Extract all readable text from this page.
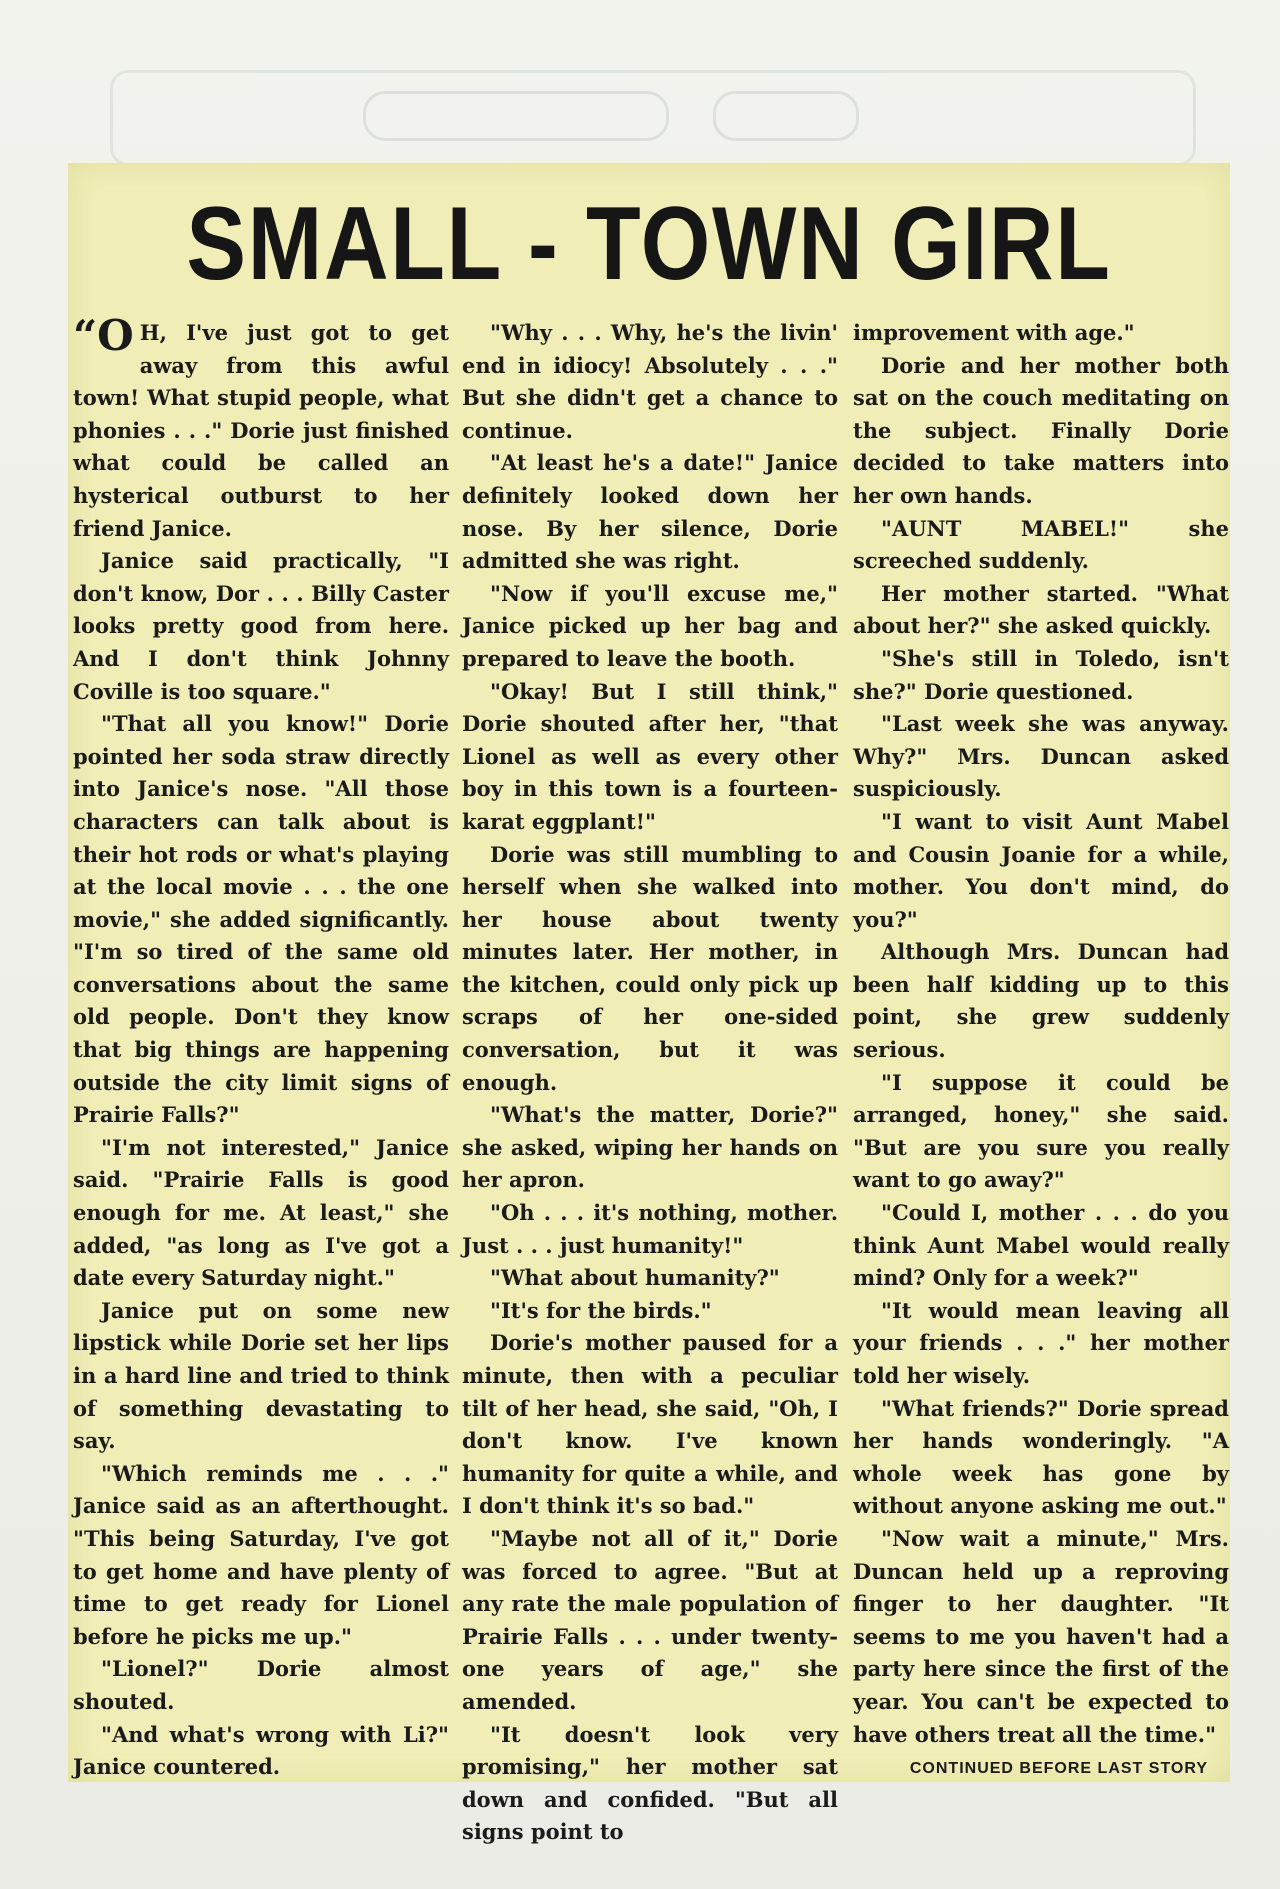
SMALL - TOWN GIRL

“O H, I've just got to get away from this awful town! What stupid people, what phonies . . ." Dorie just finished what could be called an hysterical outburst to her friend Janice.

Janice said practically, "I don't know, Dor . . . Billy Caster looks pretty good from here. And I don't think Johnny Coville is too square."

"That all you know!" Dorie pointed her soda straw directly into Janice's nose. "All those characters can talk about is their hot rods or what's playing at the local movie . . . the one movie," she added significantly. "I'm so tired of the same old conversations about the same old people. Don't they know that big things are happening outside the city limit signs of Prairie Falls?"

"I'm not interested," Janice said. "Prairie Falls is good enough for me. At least," she added, "as long as I've got a date every Saturday night."

Janice put on some new lipstick while Dorie set her lips in a hard line and tried to think of something devastating to say.

"Which reminds me . . ." Janice said as an afterthought. "This being Saturday, I've got to get home and have plenty of time to get ready for Lionel before he picks me up."

"Lionel?" Dorie almost shouted.

"And what's wrong with Li?" Janice countered.

"Why . . . Why, he's the livin' end in idiocy! Absolutely . . ." But she didn't get a chance to continue.

"At least he's a date!" Janice definitely looked down her nose. By her silence, Dorie admitted she was right.

"Now if you'll excuse me," Janice picked up her bag and prepared to leave the booth.

"Okay! But I still think," Dorie shouted after her, "that Lionel as well as every other boy in this town is a fourteen-karat eggplant!"

Dorie was still mumbling to herself when she walked into her house about twenty minutes later. Her mother, in the kitchen, could only pick up scraps of her one-sided conversation, but it was enough.

"What's the matter, Dorie?" she asked, wiping her hands on her apron.

"Oh . . . it's nothing, mother. Just . . . just humanity!"

"What about humanity?"

"It's for the birds."

Dorie's mother paused for a minute, then with a peculiar tilt of her head, she said, "Oh, I don't know. I've known humanity for quite a while, and I don't think it's so bad."

"Maybe not all of it," Dorie was forced to agree. "But at any rate the male population of Prairie Falls . . . under twenty-one years of age," she amended.

"It doesn't look very promising," her mother sat down and confided. "But all signs point to

improvement with age."

Dorie and her mother both sat on the couch meditating on the subject. Finally Dorie decided to take matters into her own hands.

"AUNT MABEL!" she screeched suddenly.

Her mother started. "What about her?" she asked quickly.

"She's still in Toledo, isn't she?" Dorie questioned.

"Last week she was anyway. Why?" Mrs. Duncan asked suspiciously.

"I want to visit Aunt Mabel and Cousin Joanie for a while, mother. You don't mind, do you?"

Although Mrs. Duncan had been half kidding up to this point, she grew suddenly serious.

"I suppose it could be arranged, honey," she said. "But are you sure you really want to go away?"

"Could I, mother . . . do you think Aunt Mabel would really mind? Only for a week?"

"It would mean leaving all your friends . . ." her mother told her wisely.

"What friends?" Dorie spread her hands wonderingly. "A whole week has gone by without anyone asking me out."

"Now wait a minute," Mrs. Duncan held up a reproving finger to her daughter. "It seems to me you haven't had a party here since the first of the year. You can't be expected to have others treat all the time."

CONTINUED BEFORE LAST STORY
